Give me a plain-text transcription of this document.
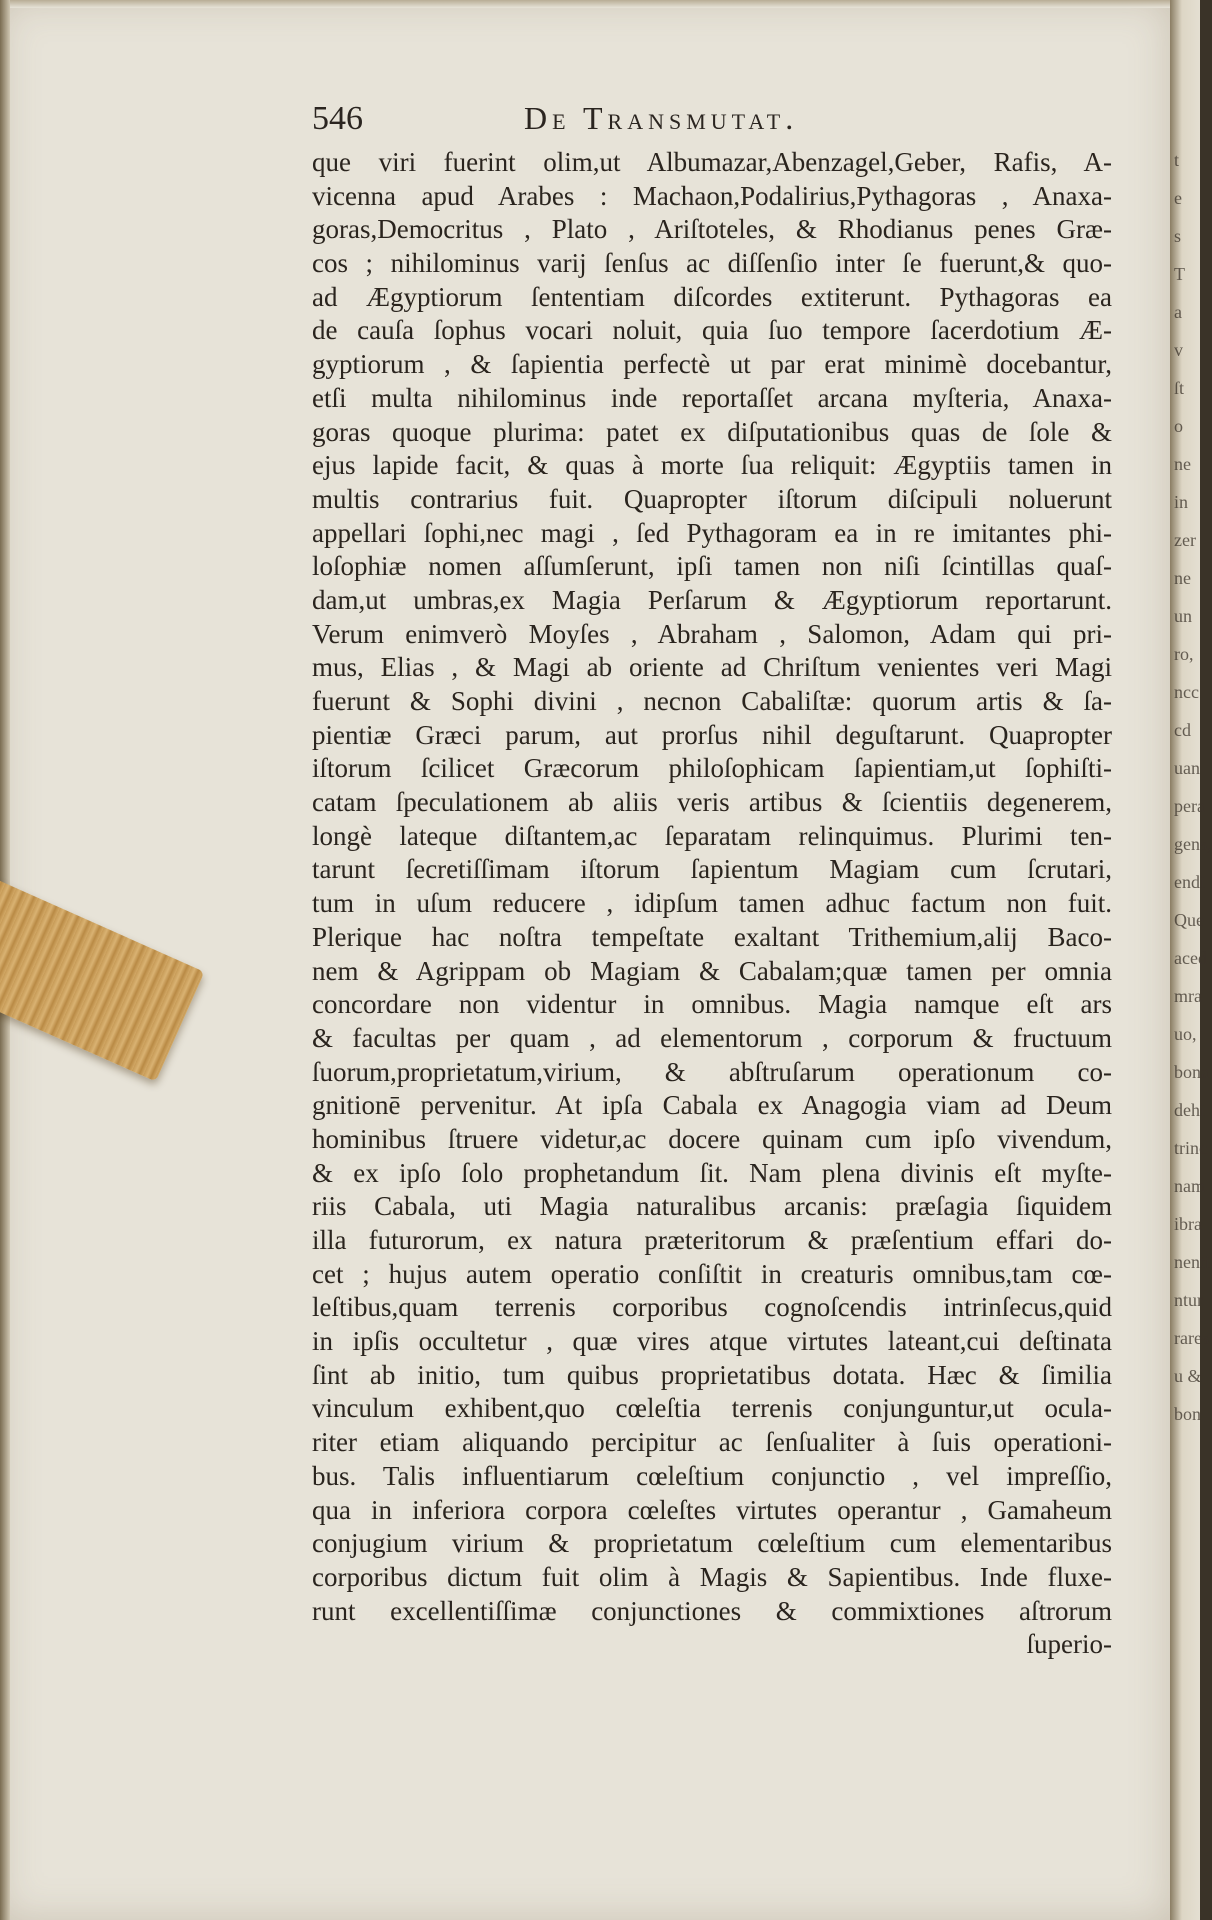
546	De Transmutat.
que viri fuerint olim,ut Albumazar,Abenzagel,Geber, Rafis, A-
vicenna apud Arabes : Machaon,Podalirius,Pythagoras , Anaxa-
goras,Democritus , Plato , Ariſtoteles, & Rhodianus penes Græ-
cos ; nihilominus varij ſenſus ac diſſenſio inter ſe fuerunt,& quo-
ad Ægyptiorum ſententiam diſcordes extiterunt. Pythagoras ea
de cauſa ſophus vocari noluit, quia ſuo tempore ſacerdotium Æ-
gyptiorum , & ſapientia perfectè ut par erat minimè docebantur,
etſi multa nihilominus inde reportaſſet arcana myſteria, Anaxa-
goras quoque plurima: patet ex diſputationibus quas de ſole &
ejus lapide facit, & quas à morte ſua reliquit: Ægyptiis tamen in
multis contrarius fuit. Quapropter iſtorum diſcipuli noluerunt
appellari ſophi,nec magi , ſed Pythagoram ea in re imitantes phi-
loſophiæ nomen aſſumſerunt, ipſi tamen non niſi ſcintillas quaſ-
dam,ut umbras,ex Magia Perſarum & Ægyptiorum reportarunt.
Verum enimverò Moyſes , Abraham , Salomon, Adam qui pri-
mus, Elias , & Magi ab oriente ad Chriſtum venientes veri Magi
fuerunt & Sophi divini , necnon Cabaliſtæ: quorum artis & ſa-
pientiæ Græci parum, aut prorſus nihil deguſtarunt. Quapropter
iſtorum ſcilicet Græcorum philoſophicam ſapientiam,ut ſophiſti-
catam ſpeculationem ab aliis veris artibus & ſcientiis degenerem,
longè lateque diſtantem,ac ſeparatam relinquimus. Plurimi ten-
tarunt ſecretiſſimam iſtorum ſapientum Magiam cum ſcrutari,
tum in uſum reducere , idipſum tamen adhuc factum non fuit.
Plerique hac noſtra tempeſtate exaltant Trithemium,alij Baco-
nem & Agrippam ob Magiam & Cabalam;quæ tamen per omnia
concordare non videntur in omnibus. Magia namque eſt ars
& facultas per quam , ad elementorum , corporum & fructuum
ſuorum,proprietatum,virium, & abſtruſarum operationum co-
gnitionē pervenitur. At ipſa Cabala ex Anagogia viam ad Deum
hominibus ſtruere videtur,ac docere quinam cum ipſo vivendum,
& ex ipſo ſolo prophetandum ſit. Nam plena divinis eſt myſte-
riis Cabala, uti Magia naturalibus arcanis: præſagia ſiquidem
illa futurorum, ex natura præteritorum & præſentium effari do-
cet ; hujus autem operatio conſiſtit in creaturis omnibus,tam cœ-
leſtibus,quam terrenis corporibus cognoſcendis intrinſecus,quid
in ipſis occultetur , quæ vires atque virtutes lateant,cui deſtinata
ſint ab initio, tum quibus proprietatibus dotata. Hæc & ſimilia
vinculum exhibent,quo cœleſtia terrenis conjunguntur,ut ocula-
riter etiam aliquando percipitur ac ſenſualiter à ſuis operationi-
bus. Talis influentiarum cœleſtium conjunctio , vel impreſſio,
qua in inferiora corpora cœleſtes virtutes operantur , Gamaheum
conjugium virium & proprietatum cœleſtium cum elementaribus
corporibus dictum fuit olim à Magis & Sapientibus. Inde fluxe-
runt excellentiſſimæ conjunctiones & commixtiones aſtrorum
ſuperio-
t
e
s
T
a
v
ſt
o
ne
in
zer
ne
un
ro,
ncc
cd
uan
pera
gens,
endi
Que
aced
mra
uo,
bona
dehi
trinc
nam
ibra
nenti
ntur
rares
u &
bon
